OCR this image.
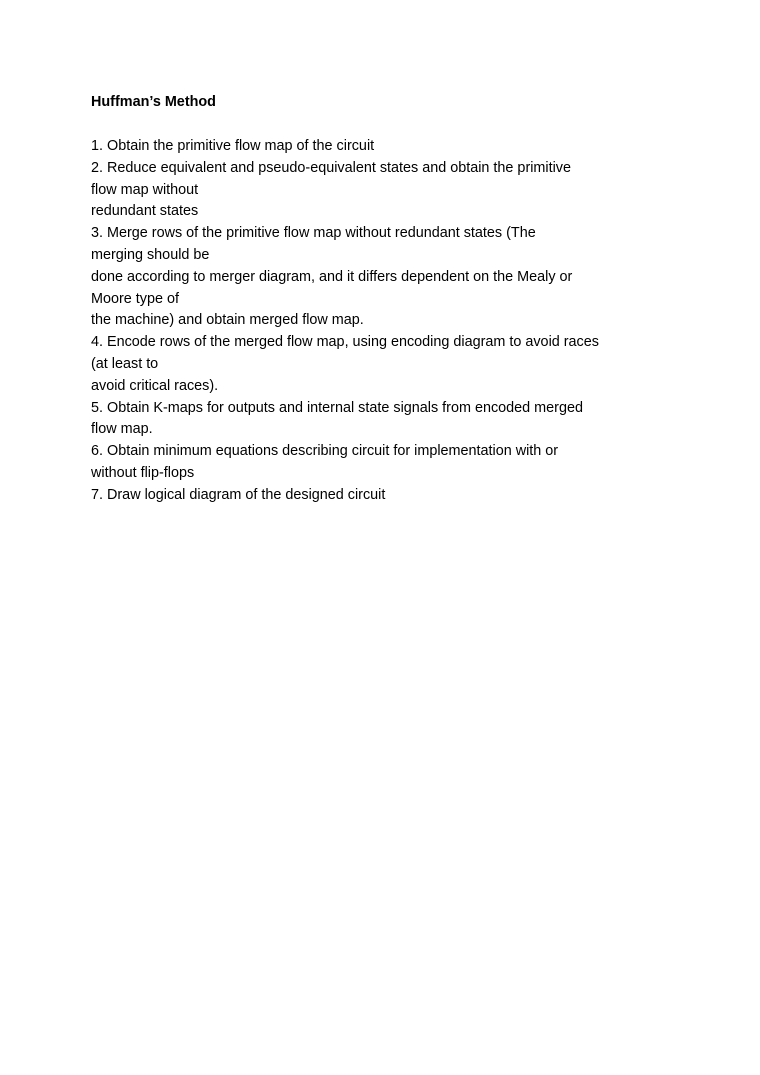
Huffman’s Method
1. Obtain the primitive flow map of the circuit
2. Reduce equivalent and pseudo-equivalent states and obtain the primitive
flow map without
redundant states
3. Merge rows of the primitive flow map without redundant states (The
merging should be
done according to merger diagram, and it differs dependent on the Mealy or
Moore type of
the machine) and obtain merged flow map.
4. Encode rows of the merged flow map, using encoding diagram to avoid races
(at least to
avoid critical races).
5. Obtain K-maps for outputs and internal state signals from encoded merged
flow map.
6. Obtain minimum equations describing circuit for implementation with or
without flip-flops
7. Draw logical diagram of the designed circuit
